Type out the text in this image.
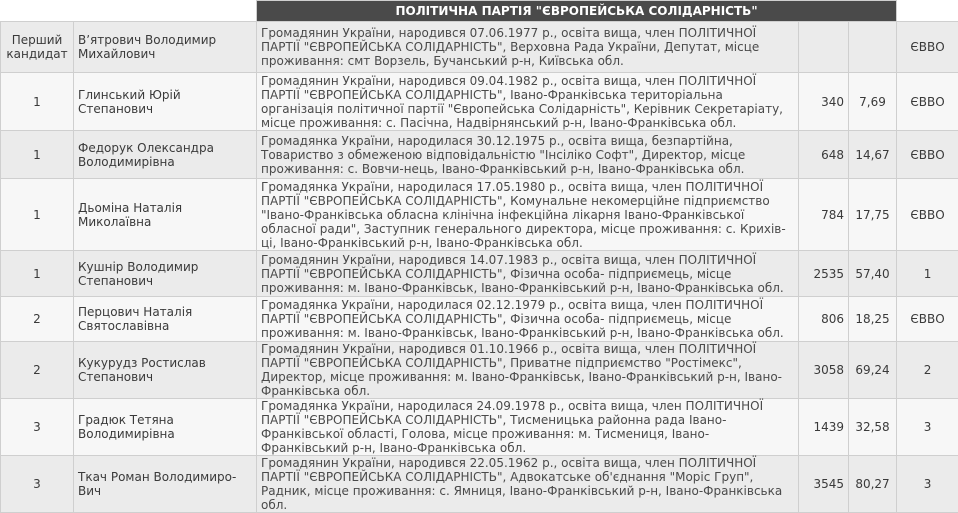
		ПОЛІТИЧНА ПАРТІЯ "ЄВРОПЕЙСЬКА СОЛІДАРНІСТЬ"			
Перший кандидат	Вʼятрович Володимир Михайлович	Громадянин України, народився 07.06.1977 р., освіта вища, член ПОЛІТИЧНОЇ ПАРТІЇ "ЄВРОПЕЙСЬКА СОЛІДАРНІСТЬ", Верховна Рада України, Депутат, місце проживання: смт Ворзель, Бучанський р-н, Київська обл.			ЄВВО
1	Глинський Юрій Степанович	Громадянин України, народився 09.04.1982 р., освіта вища, член ПОЛІТИЧНОЇ ПАРТІЇ "ЄВРОПЕЙСЬКА СОЛІДАРНІСТЬ", Івано-Франківська територіальна організація політичної партії "Європейська Солідарність", Керівник Секретаріату, місце проживання: с. Пасічна, Надвірнянський р-н, Івано-Франківська обл.	340	7,69	ЄВВО
1	Федорук Олександра Володимирівна	Громадянка України, народилася 30.12.1975 р., освіта вища, безпартійна, Товариство з обмеженою відповідальністю "Інсіліко Софт", Директор, місце проживання: с. Вовчи-нець, Івано-Франківський р-н, Івано-Франківська обл.	648	14,67	ЄВВО
1	Дьоміна Наталія Миколаївна	Громадянка України, народилася 17.05.1980 р., освіта вища, член ПОЛІТИЧНОЇ ПАРТІЇ "ЄВРОПЕЙСЬКА СОЛІДАРНІСТЬ", Комунальне некомерційне підприємство "Івано-Франківська обласна клінічна інфекційна лікарня Івано-Франківської обласної ради", Заступник генерального директора, місце проживання: с. Крихів-ці, Івано-Франківський р-н, Івано-Франківська обл.	784	17,75	ЄВВО
1	Кушнір Володимир Степанович	Громадянин України, народився 14.07.1983 р., освіта вища, член ПОЛІТИЧНОЇ ПАРТІЇ "ЄВРОПЕЙСЬКА СОЛІДАРНІСТЬ", Фізична особа- підприємець, місце проживання: м. Івано-Франківськ, Івано-Франківський р-н, Івано-Франківська обл.	2535	57,40	1
2	Перцович Наталія Святославівна	Громадянка України, народилася 02.12.1979 р., освіта вища, член ПОЛІТИЧНОЇ ПАРТІЇ "ЄВРОПЕЙСЬКА СОЛІДАРНІСТЬ", Фізична особа- підприємець, місце проживання: м. Івано-Франківськ, Івано-Франківський р-н, Івано-Франківська обл.	806	18,25	ЄВВО
2	Кукурудз Ростислав Степанович	Громадянин України, народився 01.10.1966 р., освіта вища, член ПОЛІТИЧНОЇ ПАРТІЇ "ЄВРОПЕЙСЬКА СОЛІДАРНІСТЬ", Приватне підприємство "Ростімекс", Директор, місце проживання: м. Івано-Франківськ, Івано-Франківський р-н, Івано-Франківська обл.	3058	69,24	2
3	Градюк Тетяна Володимирівна	Громадянка України, народилася 24.09.1978 р., освіта вища, член ПОЛІТИЧНОЇ ПАРТІЇ "ЄВРОПЕЙСЬКА СОЛІДАРНІСТЬ", Тисменицька районна рада Івано-Франківської області, Голова, місце проживання: м. Тисмениця, Івано-Франківський р-н, Івано-Франківська обл.	1439	32,58	3
3	Ткач Роман Володимиро-Вич	Громадянин України, народився 22.05.1962 р., освіта вища, член ПОЛІТИЧНОЇ ПАРТІЇ "ЄВРОПЕЙСЬКА СОЛІДАРНІСТЬ", Адвокатське об'єднання "Моріс Груп", Радник, місце проживання: с. Ямниця, Івано-Франківський р-н, Івано-Франківська обл.	3545	80,27	3
